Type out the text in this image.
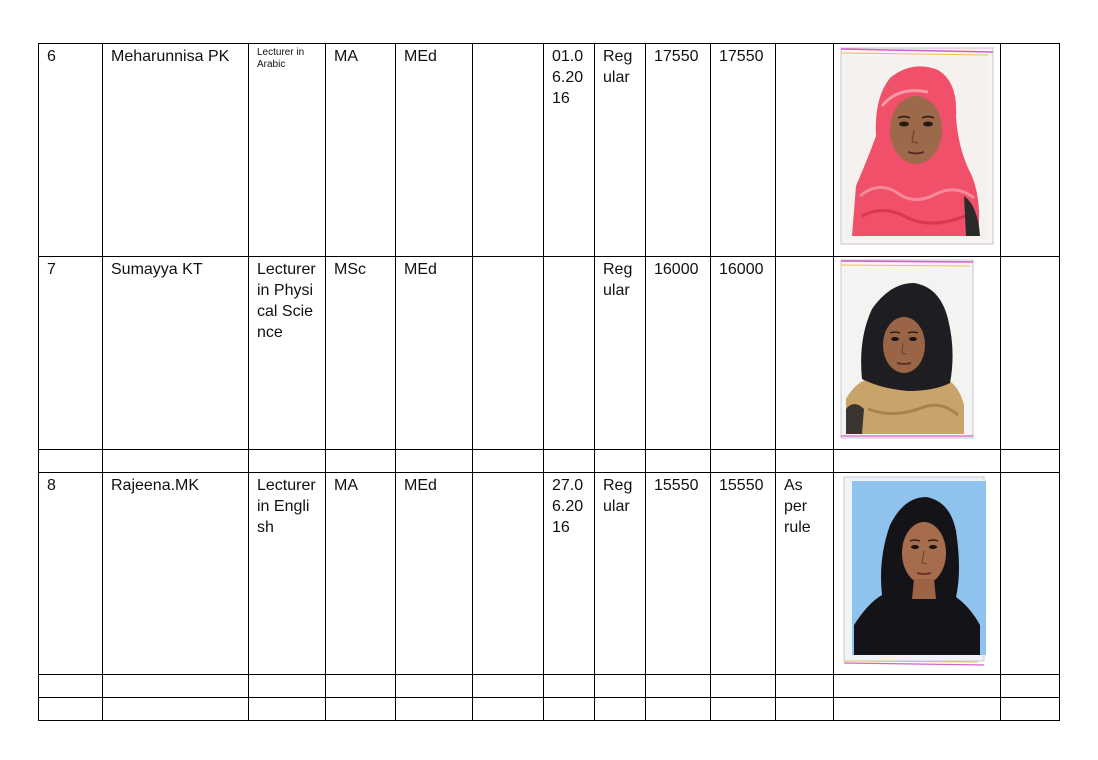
6	Meharunnisa PK	Lecturer in Arabic	MA	MEd		01.06.2016	Regular	17550	17550		

7	Sumayya KT	Lecturer in Physical Science	MSc	MEd			Regular	16000	16000		

8	Rajeena.MK	Lecturer in English	MA	MEd		27.06.2016	Regular	15550	15550	As per rule	
